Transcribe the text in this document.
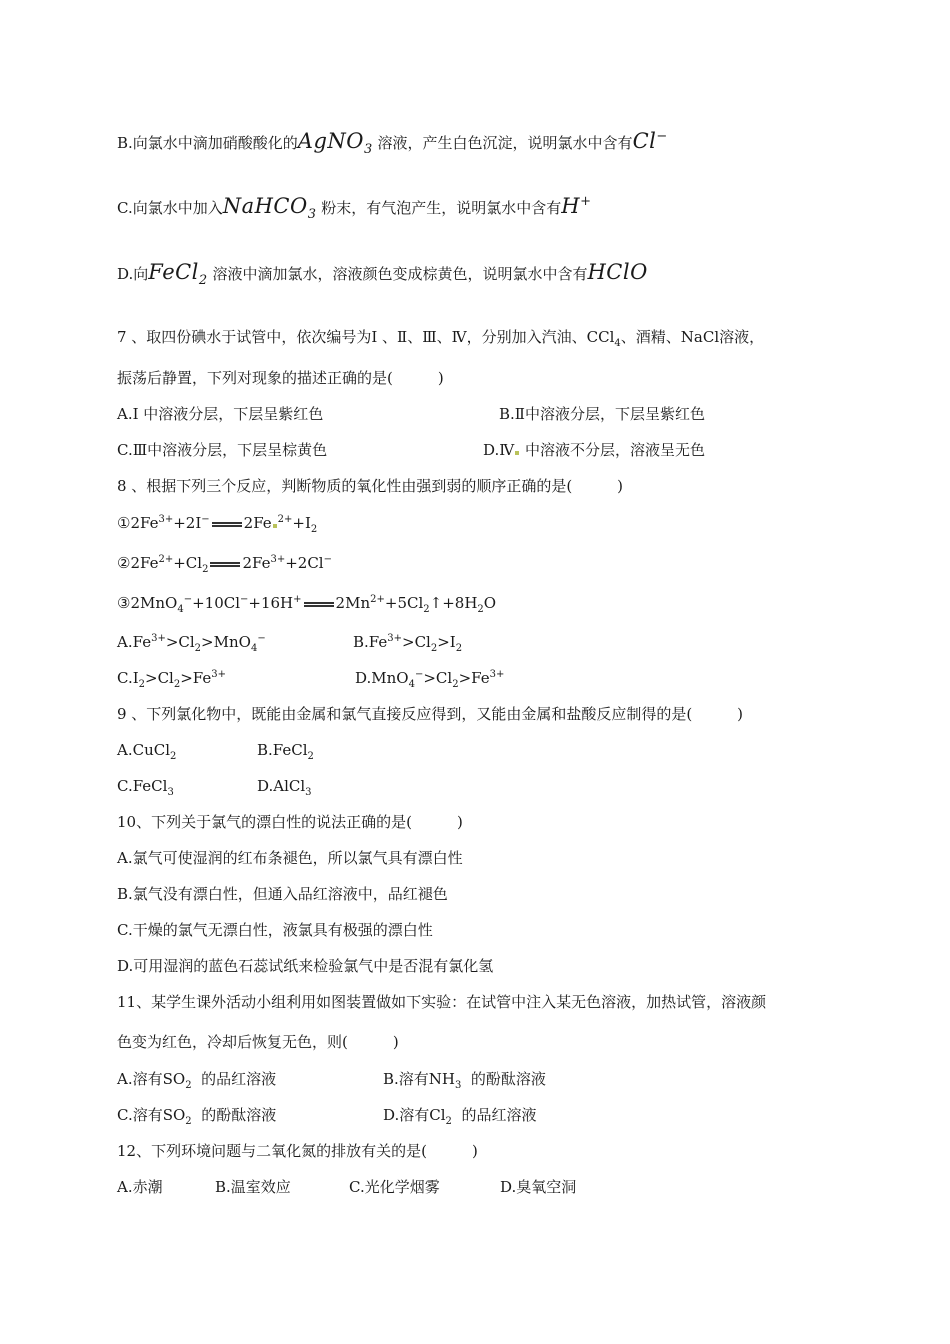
B.向氯水中滴加硝酸酸化的AgNO$_3$ 溶液，产生白色沉淀，说明氯水中含有Cl−
C.向氯水中加入NaHCO$_3$ 粉末，有气泡产生，说明氯水中含有H+
D.向FeCl$_2$ 溶液中滴加氯水，溶液颜色变成棕黄色，说明氯水中含有HClO
7 、取四份碘水于试管中，依次编号为Ⅰ 、Ⅱ、Ⅲ、Ⅳ，分别加入汽油、CCl$_4$、酒精、NaCl溶液，
振荡后静置，下列对现象的描述正确的是(　　　)
A.Ⅰ 中溶液分层，下层呈紫红色	B.Ⅱ中溶液分层，下层呈紫红色
C.Ⅲ中溶液分层，下层呈棕黄色	D.Ⅳ 中溶液不分层，溶液呈无色
8 、根据下列三个反应，判断物质的氧化性由强到弱的顺序正确的是(　　　)
$①2Fe^{3+}+2I^-$ 2Fe $^{2+}+I_2$
$②2Fe^{2+}+Cl_2$ $2Fe^{3+}+2Cl^-$
③2MnO$_4$−+10Cl−+16H+ $2Mn^{2+}+5Cl_2↑+8H_2O$
$A.Fe^{3+}>Cl_2>MnO_4^-$	$B.Fe^{3+}>Cl_2>I_2$
$C.I_2>Cl_2>Fe^{3+}$	$D.MnO_4^->Cl_2>Fe^{3+}$
9 、下列氯化物中，既能由金属和氯气直接反应得到，又能由金属和盐酸反应制得的是(　　　)
A.CuCl$_2$	B.FeCl$_2$
C.FeCl$_3$	D.AlCl$_3$
10、下列关于氯气的漂白性的说法正确的是(　　　)
A.氯气可使湿润的红布条褪色，所以氯气具有漂白性
B.氯气没有漂白性，但通入品红溶液中，品红褪色
C.干燥的氯气无漂白性，液氯具有极强的漂白性
D.可用湿润的蓝色石蕊试纸来检验氯气中是否混有氯化氢
11、某学生课外活动小组利用如图装置做如下实验：在试管中注入某无色溶液，加热试管，溶液颜
色变为红色，冷却后恢复无色，则(　　　)
A.溶有$SO_2$  的品红溶液	B.溶有$NH_3$  的酚酞溶液
C.溶有$SO_2$  的酚酞溶液	D.溶有$Cl_2$  的品红溶液
12、下列环境问题与二氧化氮的排放有关的是(　　　)
A.赤潮	B.温室效应	C.光化学烟雾	D.臭氧空洞
